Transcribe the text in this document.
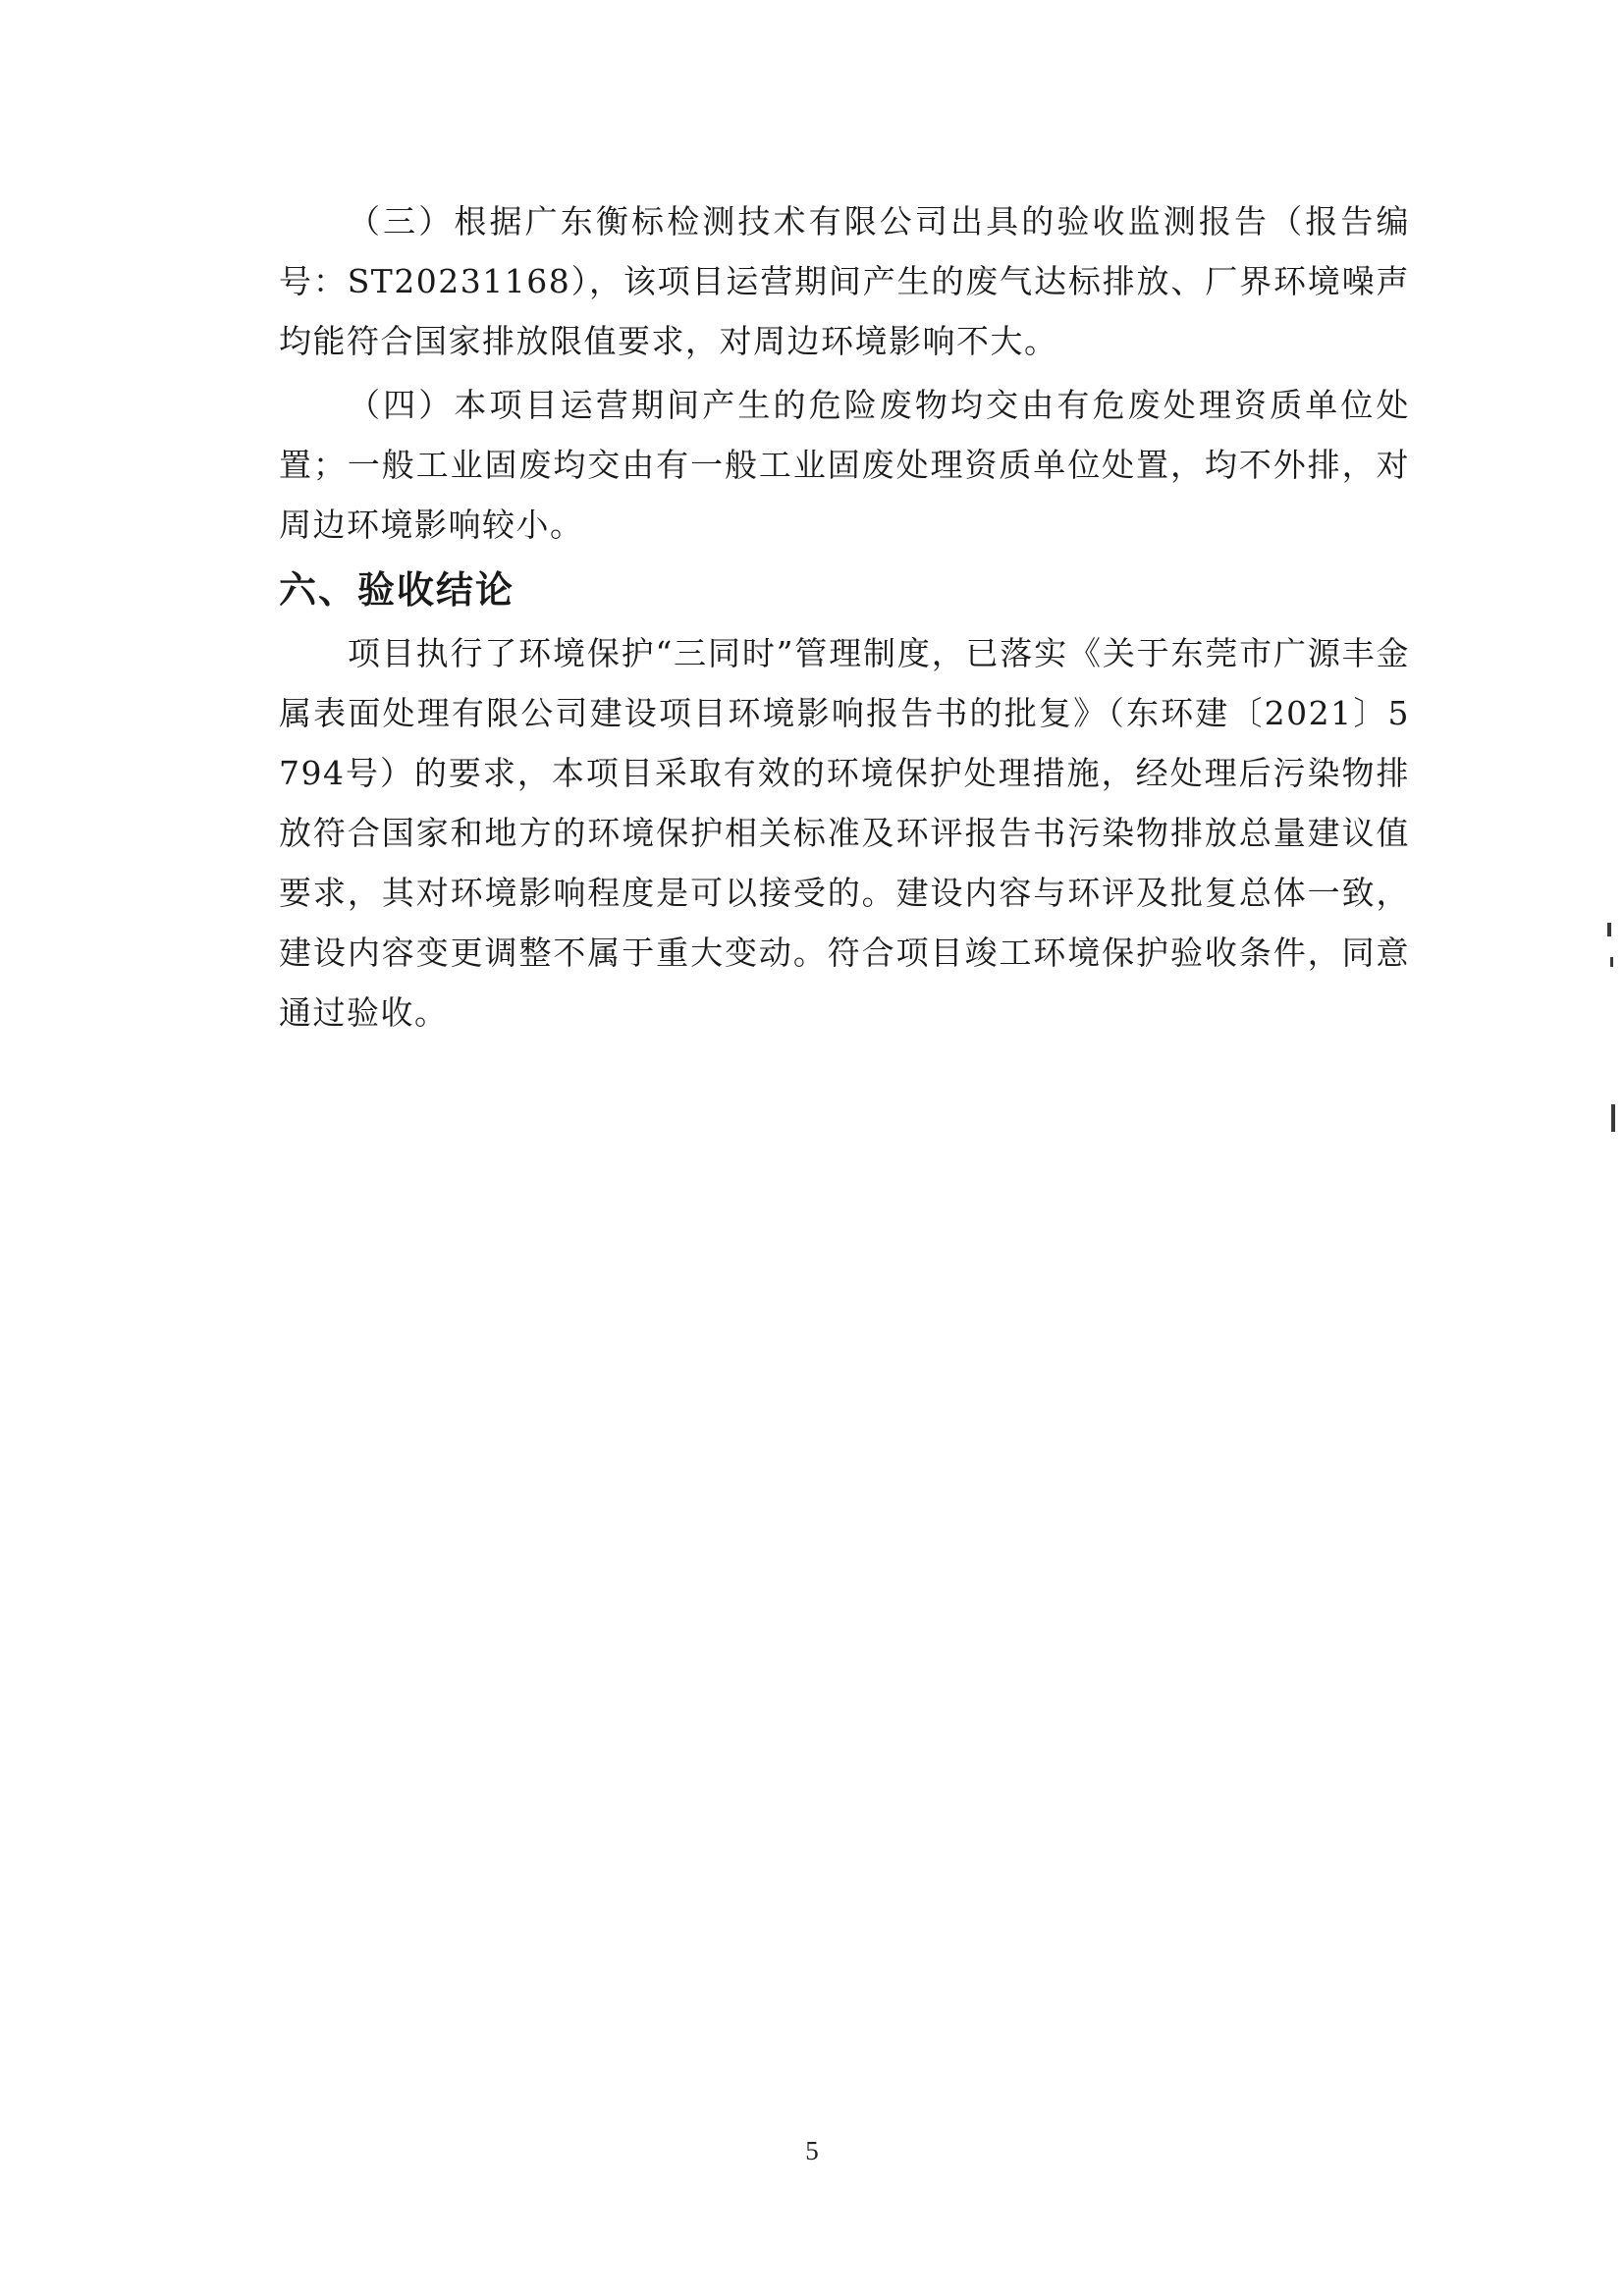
（三）根据广东衡标检测技术有限公司出具的验收监测报告（报告编号：ST20231168），该项目运营期间产生的废气达标排放、厂界环境噪声均能符合国家排放限值要求，对周边环境影响不大。

（四）本项目运营期间产生的危险废物均交由有危废处理资质单位处置；一般工业固废均交由有一般工业固废处理资质单位处置，均不外排，对周边环境影响较小。

六、验收结论

项目执行了环境保护“三同时”管理制度，已落实《关于东莞市广源丰金属表面处理有限公司建设项目环境影响报告书的批复》（东环建〔2021〕5794号）的要求，本项目采取有效的环境保护处理措施，经处理后污染物排放符合国家和地方的环境保护相关标准及环评报告书污染物排放总量建议值要求，其对环境影响程度是可以接受的。建设内容与环评及批复总体一致，建设内容变更调整不属于重大变动。符合项目竣工环境保护验收条件，同意通过验收。

5
